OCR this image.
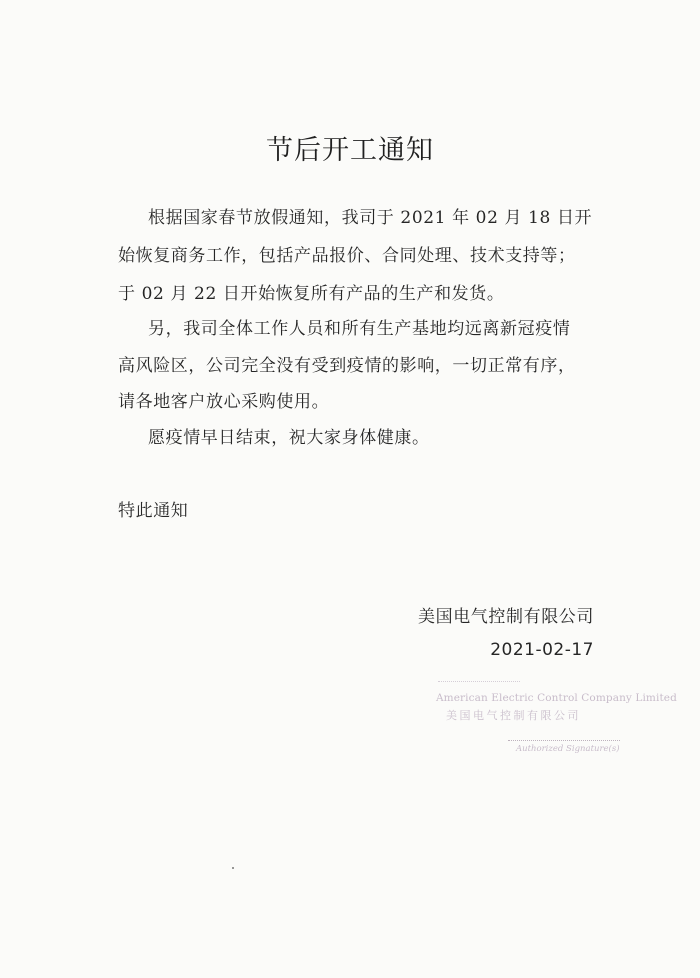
节后开工通知
根据国家春节放假通知，我司于 2021 年 02 月 18 日开
始恢复商务工作，包括产品报价、合同处理、技术支持等；
于 02 月 22 日开始恢复所有产品的生产和发货。
另，我司全体工作人员和所有生产基地均远离新冠疫情
高风险区，公司完全没有受到疫情的影响，一切正常有序，
请各地客户放心采购使用。
愿疫情早日结束，祝大家身体健康。
特此通知
美国电气控制有限公司
2021-02-17
American Electric Control Company Limited
美国电气控制有限公司
Authorized Signature(s)
